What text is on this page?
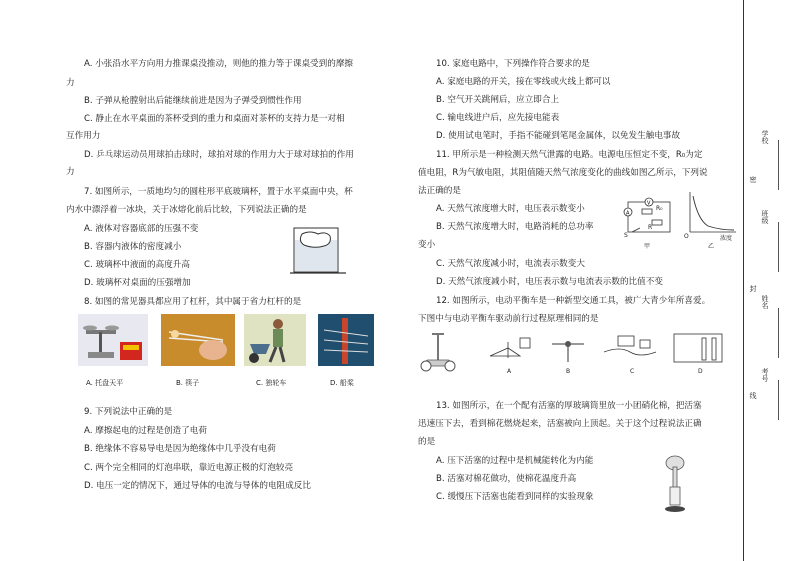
A. 小张沿水平方向用力推课桌没推动，则他的推力等于课桌受到的摩擦
力
B. 子弹从枪膛射出后能继续前进是因为子弹受到惯性作用
C. 静止在水平桌面的茶杯受到的重力和桌面对茶杯的支持力是一对相
互作用力
D. 乒乓球运动员用球拍击球时，球拍对球的作用力大于球对球拍的作用
力
7. 如图所示，一质地均匀的圆柱形平底玻璃杯，置于水平桌面中央，杯
内水中漂浮着一冰块，关于冰熔化前后比较，下列说法正确的是
A. 液体对容器底部的压强不变
B. 容器内液体的密度减小
C. 玻璃杯中液面的高度升高
D. 玻璃杯对桌面的压强增加
8. 如图的常见器具都应用了杠杆，其中属于省力杠杆的是
A. 托盘天平	B. 筷子	C. 独轮车	D. 船桨
9. 下列说法中正确的是
A. 摩擦起电的过程是创造了电荷
B. 绝缘体不容易导电是因为绝缘体中几乎没有电荷
C. 两个完全相同的灯泡串联，靠近电源正极的灯泡较亮
D. 电压一定的情况下，通过导体的电流与导体的电阻成反比
10. 家庭电路中，下列操作符合要求的是
A. 家庭电路的开关，接在零线或火线上都可以
B. 空气开关跳闸后，应立即合上
C. 输电线进户后，应先接电能表
D. 使用试电笔时，手指不能碰到笔尾金属体，以免发生触电事故
11. 甲所示是一种检测天然气泄露的电路。电源电压恒定不变，R₀为定
值电阻，R为气敏电阻，其阻值随天然气浓度变化的曲线如图乙所示，下列说
法正确的是
A. 天然气浓度增大时，电压表示数变小
B. 天然气浓度增大时，电路消耗的总功率
变小
C. 天然气浓度减小时，电流表示数变大
D. 天然气浓度减小时，电压表示数与电流表示数的比值不变
12. 如图所示，电动平衡车是一种新型交通工具，被广大青少年所喜爱。
下图中与电动平衡车驱动前行过程原理相同的是
V
A
R₀
R
S
甲
O	浓度
乙
A	B	C	D
13. 如图所示，在一个配有活塞的厚玻璃筒里放一小团硝化棉，把活塞
迅速压下去，看到棉花燃烧起来，活塞被向上顶起。关于这个过程说法正确
的是
A. 压下活塞的过程中是机械能转化为内能
B. 活塞对棉花做功，使棉花温度升高
C. 缓慢压下活塞也能看到同样的实验现象
学校
班级
姓名
考号
线
封
密
